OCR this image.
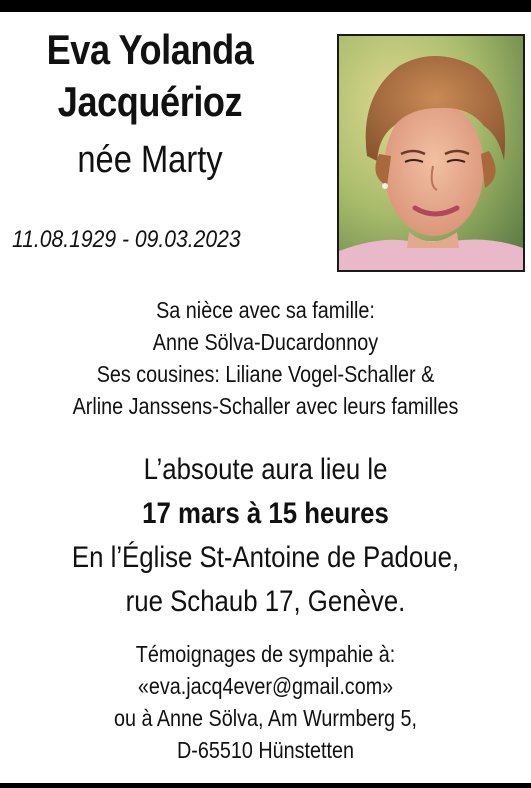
Eva Yolanda
Jacquérioz
née Marty
11.08.1929 - 09.03.2023
Sa nièce avec sa famille:
Anne Sölva-Ducardonnoy
Ses cousines: Liliane Vogel-Schaller &
Arline Janssens-Schaller avec leurs familles
L’absoute aura lieu le
17 mars à 15 heures
En l’Église St-Antoine de Padoue,
rue Schaub 17, Genève.
Témoignages de sympahie à:
«eva.jacq4ever@gmail.com»
ou à Anne Sölva, Am Wurmberg 5,
D-65510 Hünstetten
